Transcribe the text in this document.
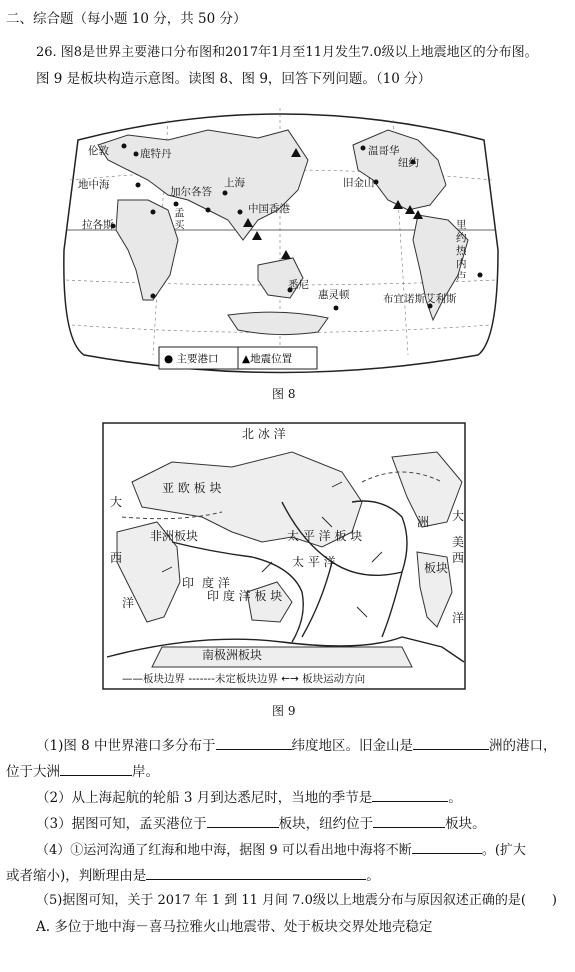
二、综合题（每小题 10 分，共 50 分）
26. 图8是世界主要港口分布图和2017年1月至11月发生7.0级以上地震地区的分布图。
图 9 是板块构造示意图。读图 8、图 9，回答下列问题。（10 分）
伦敦	鹿特丹
地中海
加尔各答
上海
拉各斯
孟
买
中国香港
温哥华
纽约
旧金山
里
约
热
内
卢
悉尼
惠灵顿	布宜诺斯艾利斯
● 主要港口 ▲地震位置
图 8
北 冰 洋
大
大
西	西
洋
洋
亚 欧 板 块
非洲板块
印 度 洋
印 度 洋 板 块
太 平 洋 板 块
太 平 洋
洲
板块
南极洲板块
美
——板块边界 -------未定板块边界 ←→ 板块运动方向
图 9
（1)图 8 中世界港口多分布于	纬度地区。旧金山是	洲的港口，
位于大洲	岸。
（2）从上海起航的轮船 3 月到达悉尼时，当地的季节是	。
（3）据图可知，孟买港位于	板块，纽约位于	板块。
（4）①运河沟通了红海和地中海，据图 9 可以看出地中海将不断	。(扩大
或者缩小)，判断理由是	。
（5)据图可知，关于 2017 年 1 到 11 月间 7.0级以上地震分布与原因叙述正确的是(　　)
A. 多位于地中海－喜马拉雅火山地震带、处于板块交界处地壳稳定
